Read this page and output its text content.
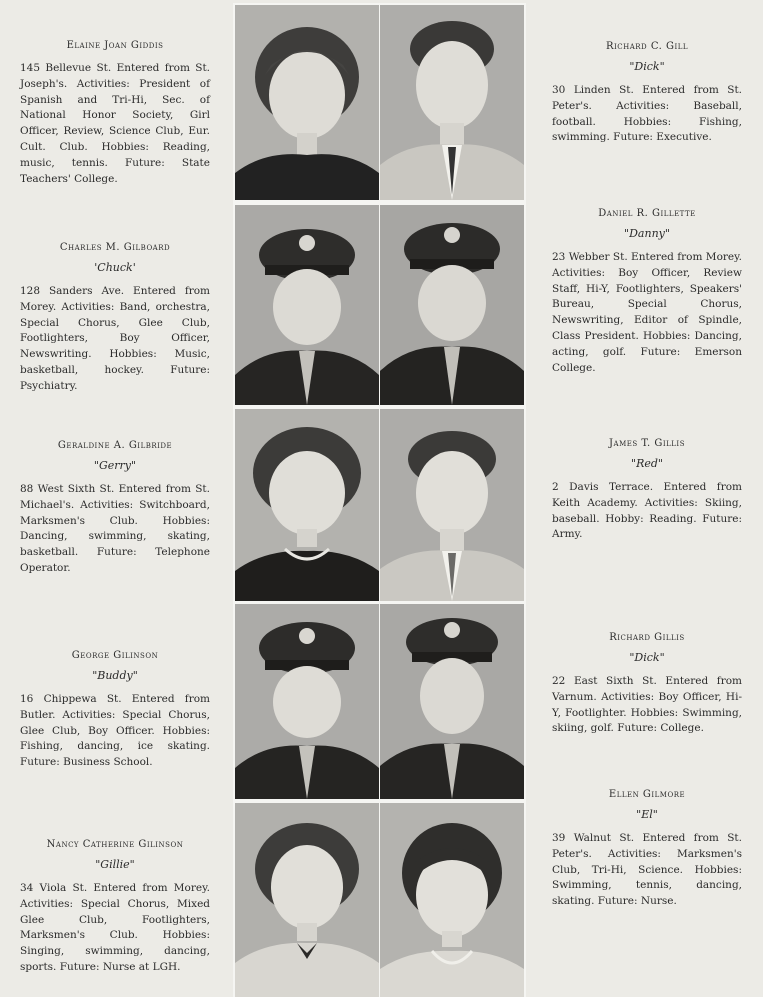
Elaine Joan Giddis
145 Bellevue St. Entered from St. Joseph's. Activities: President of Spanish and Tri-Hi, Sec. of National Honor Society, Girl Officer, Review, Science Club, Eur. Cult. Club. Hobbies: Reading, music, tennis. Future: State Teachers' College.
Charles M. Gilboard
'Chuck'
128 Sanders Ave. Entered from Morey. Activities: Band, orchestra, Special Chorus, Glee Club, Footlighters, Boy Officer, Newswriting. Hobbies: Music, basketball, hockey. Future: Psychiatry.
Geraldine A. Gilbride
"Gerry"
88 West Sixth St. Entered from St. Michael's. Activities: Switchboard, Marksmen's Club. Hobbies: Dancing, swimming, skating, basketball. Future: Telephone Operator.
George Gilinson
"Buddy"
16 Chippewa St. Entered from Butler. Activities: Special Chorus, Glee Club, Boy Officer. Hobbies: Fishing, dancing, ice skating. Future: Business School.
Nancy Catherine Gilinson
"Gillie"
34 Viola St. Entered from Morey. Activities: Special Chorus, Mixed Glee Club, Footlighters, Marksmen's Club. Hobbies: Singing, swimming, dancing, sports. Future: Nurse at LGH.
Richard C. Gill
"Dick"
30 Linden St. Entered from St. Peter's. Activities: Baseball, football. Hobbies: Fishing, swimming. Future: Executive.
Daniel R. Gillette
"Danny"
23 Webber St. Entered from Morey. Activities: Boy Officer, Review Staff, Hi-Y, Footlighters, Speakers' Bureau, Special Chorus, Newswriting, Editor of Spindle, Class President. Hobbies: Dancing, acting, golf. Future: Emerson College.
James T. Gillis
"Red"
2 Davis Terrace. Entered from Keith Academy. Activities: Skiing, baseball. Hobby: Reading. Future: Army.
Richard Gillis
"Dick"
22 East Sixth St. Entered from Varnum. Activities: Boy Officer, Hi-Y, Footlighter. Hobbies: Swimming, skiing, golf. Future: College.
Ellen Gilmore
"El"
39 Walnut St. Entered from St. Peter's. Activities: Marksmen's Club, Tri-Hi, Science. Hobbies: Swimming, tennis, dancing, skating. Future: Nurse.
